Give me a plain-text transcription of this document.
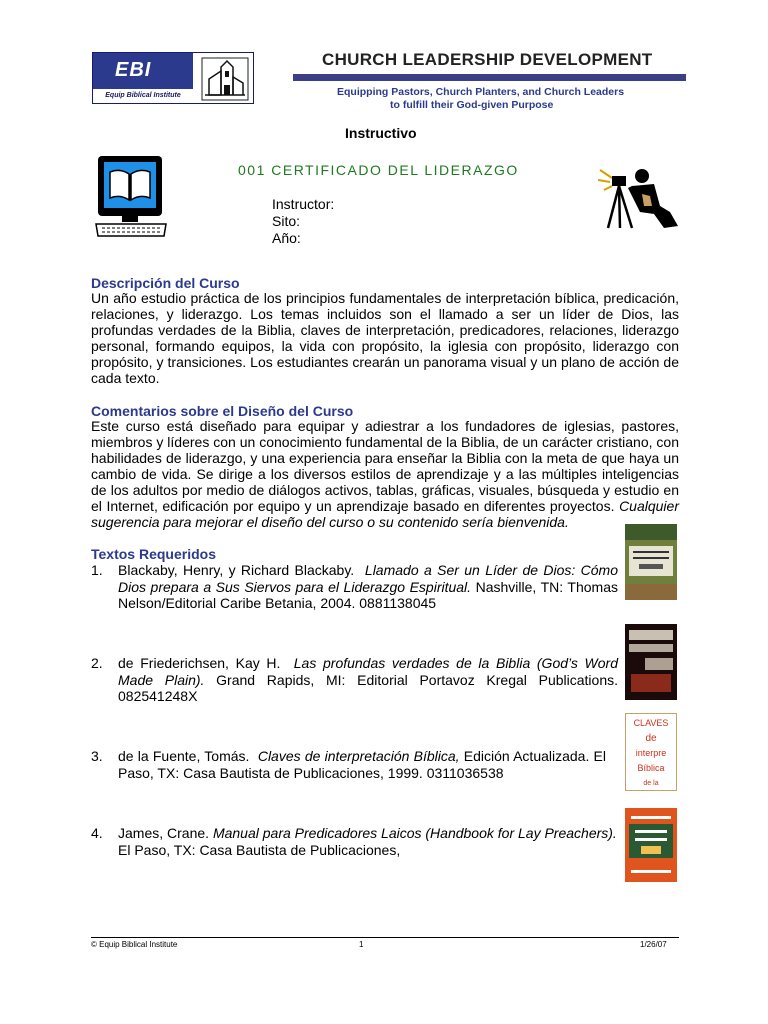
EBI
Equip Biblical Institute
CHURCH LEADERSHIP DEVELOPMENT
Equipping Pastors, Church Planters, and Church Leaders
to fulfill their God-given Purpose
Instructivo
001 CERTIFICADO DEL LIDERAZGO
Instructor:
Sito:
Año:
Descripción del Curso
Un año estudio práctica de los principios fundamentales de interpretación bíblica, predicación, relaciones, y liderazgo. Los temas incluidos son el llamado a ser un líder de Dios, las profundas verdades de la Biblia, claves de interpretación, predicadores, relaciones, liderazgo personal, formando equipos, la vida con propósito, la iglesia con propósito, liderazgo con propósito, y transiciones. Los estudiantes crearán un panorama visual y un plano de acción de cada texto.
Comentarios sobre el Diseño del Curso
Este curso está diseñado para equipar y adiestrar a los fundadores de iglesias, pastores, miembros y líderes con un conocimiento fundamental de la Biblia, de un carácter cristiano, con habilidades de liderazgo, y una experiencia para enseñar la Biblia con la meta de que haya un cambio de vida. Se dirige a los diversos estilos de aprendizaje y a las múltiples inteligencias de los adultos por medio de diálogos activos, tablas, gráficas, visuales, búsqueda y estudio en el Internet, edificación por equipo y un aprendizaje basado en diferentes proyectos. Cualquier sugerencia para mejorar el diseño del curso o su contenido sería bienvenida.
Textos Requeridos
1.	Blackaby, Henry, y Richard Blackaby. Llamado a Ser un Líder de Dios: Cómo Dios prepara a Sus Siervos para el Liderazgo Espiritual. Nashville, TN: Thomas Nelson/Editorial Caribe Betania, 2004. 0881138045
2.	de Friederichsen, Kay H. Las profundas verdades de la Biblia (God’s Word Made Plain). Grand Rapids, MI: Editorial Portavoz Kregal Publications. 082541248X
3.	de la Fuente, Tomás. Claves de interpretación Bíblica, Edición Actualizada. El Paso, TX: Casa Bautista de Publicaciones, 1999. 0311036538
4.	James, Crane. Manual para Predicadores Laicos (Handbook for Lay Preachers). El Paso, TX: Casa Bautista de Publicaciones,
CLAVES
de
interpre
Bíblica
de la
© Equip Biblical Institute	1	1/26/07
